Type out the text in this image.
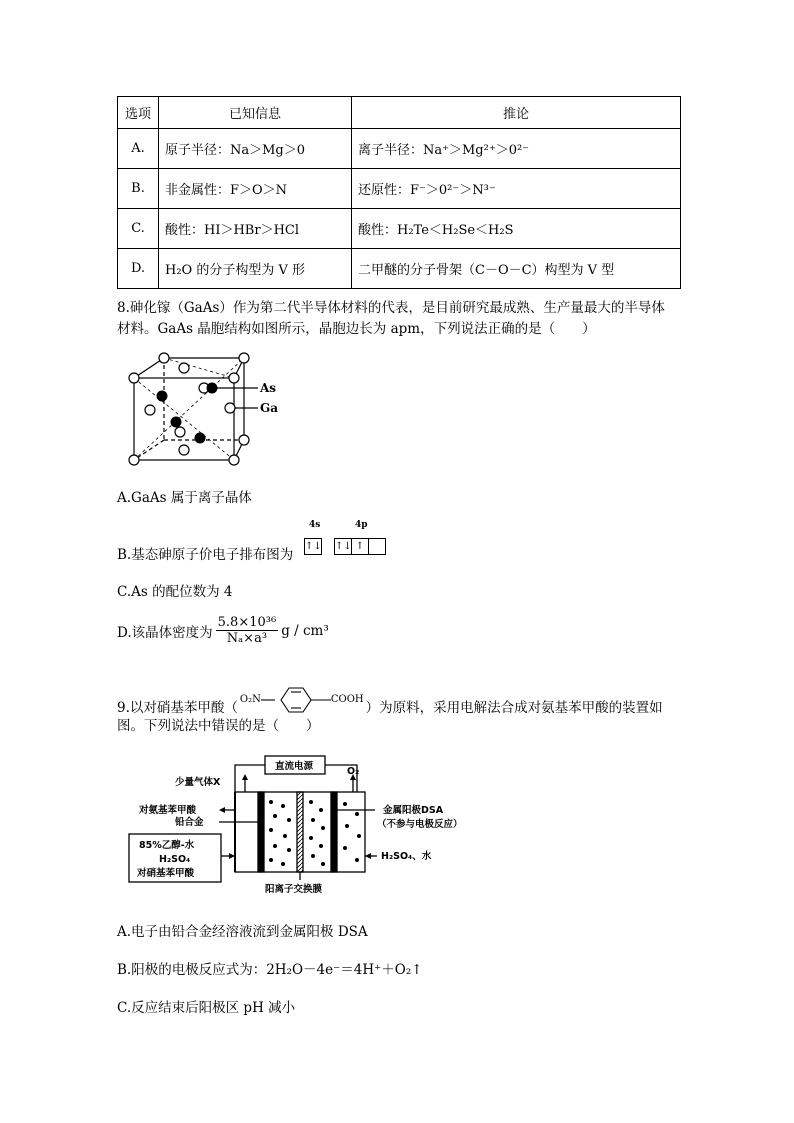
选项	已知信息	推论
A.	原子半径：Na＞Mg＞0	离子半径：Na⁺＞Mg²⁺＞0²⁻
B.	非金属性：F＞O＞N	还原性：F⁻＞0²⁻＞N³⁻
C.	酸性：HI＞HBr＞HCl	酸性：H₂Te＜H₂Se＜H₂S
D.	H₂O 的分子构型为 V 形	二甲醚的分子骨架（C－O－C）构型为 V 型
8.砷化镓（GaAs）作为第二代半导体材料的代表，是目前研究最成熟、生产量最大的半导体
材料。GaAs 晶胞结构如图所示，晶胞边长为 apm，下列说法正确的是（　　）
As
Ga
A.GaAs 属于离子晶体
B.基态砷原子价电子排布图为
4s	4p
↑↓ ↑↓ ↑
C.As 的配位数为 4
D.该晶体密度为 $\frac{\text{5.8×10³⁶}}{\text{Nₐ×a³}}$ g / cm³
9.以对硝基苯甲酸（
O₂N	COOH
）为原料，采用电解法合成对氨基苯甲酸的装置如
图。下列说法中错误的是（　　）
直流电源
少量气体X
O₂
对氨基苯甲酸
铅合金
金属阳极DSA
（不参与电极反应）
85%乙醇-水
H₂SO₄
对硝基苯甲酸
H₂SO₄、水
阳离子交换膜
A.电子由铅合金经溶液流到金属阳极 DSA
B.阳极的电极反应式为：2H₂O－4e⁻＝4H⁺＋O₂↑
C.反应结束后阳极区 pH 减小
